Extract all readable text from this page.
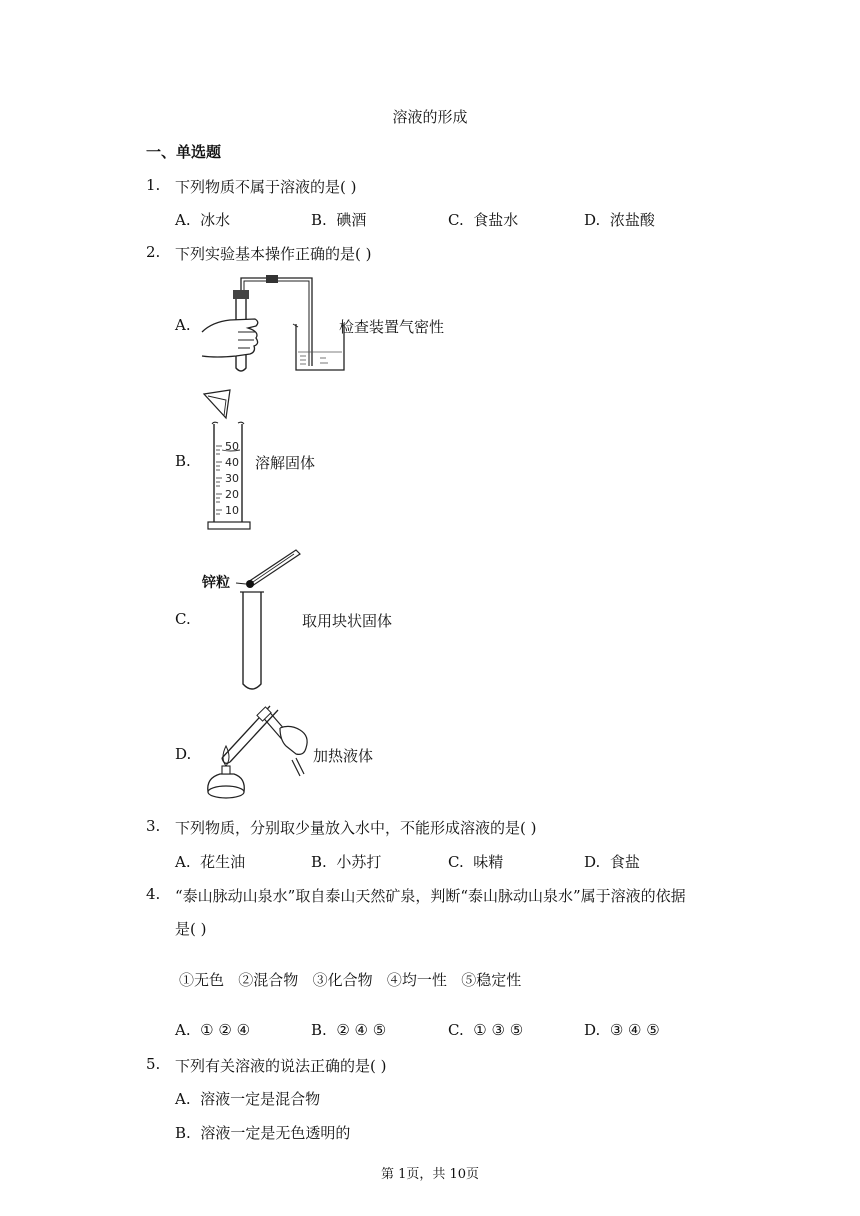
溶液的形成
一、单选题
1. 下列物质不属于溶液的是( )
A. 冰水	B. 碘酒	C. 食盐水	D. 浓盐酸
2. 下列实验基本操作正确的是( )
A.	检查装置气密性
B.
50
40
30
20
10
溶解固体
C.
锌粒
取用块状固体
D.	加热液体
3. 下列物质，分别取少量放入水中，不能形成溶液的是( )
A. 花生油	B. 小苏打	C. 味精	D. 食盐
4. “泰山脉动山泉水”取自泰山天然矿泉，判断“泰山脉动山泉水”属于溶液的依据
是( )
①无色   ②混合物   ③化合物   ④均一性   ⑤稳定性
A. ① ② ④	B. ② ④ ⑤	C. ① ③ ⑤	D. ③ ④ ⑤
5. 下列有关溶液的说法正确的是( )
A. 溶液一定是混合物
B. 溶液一定是无色透明的
第 1页，共 10页
